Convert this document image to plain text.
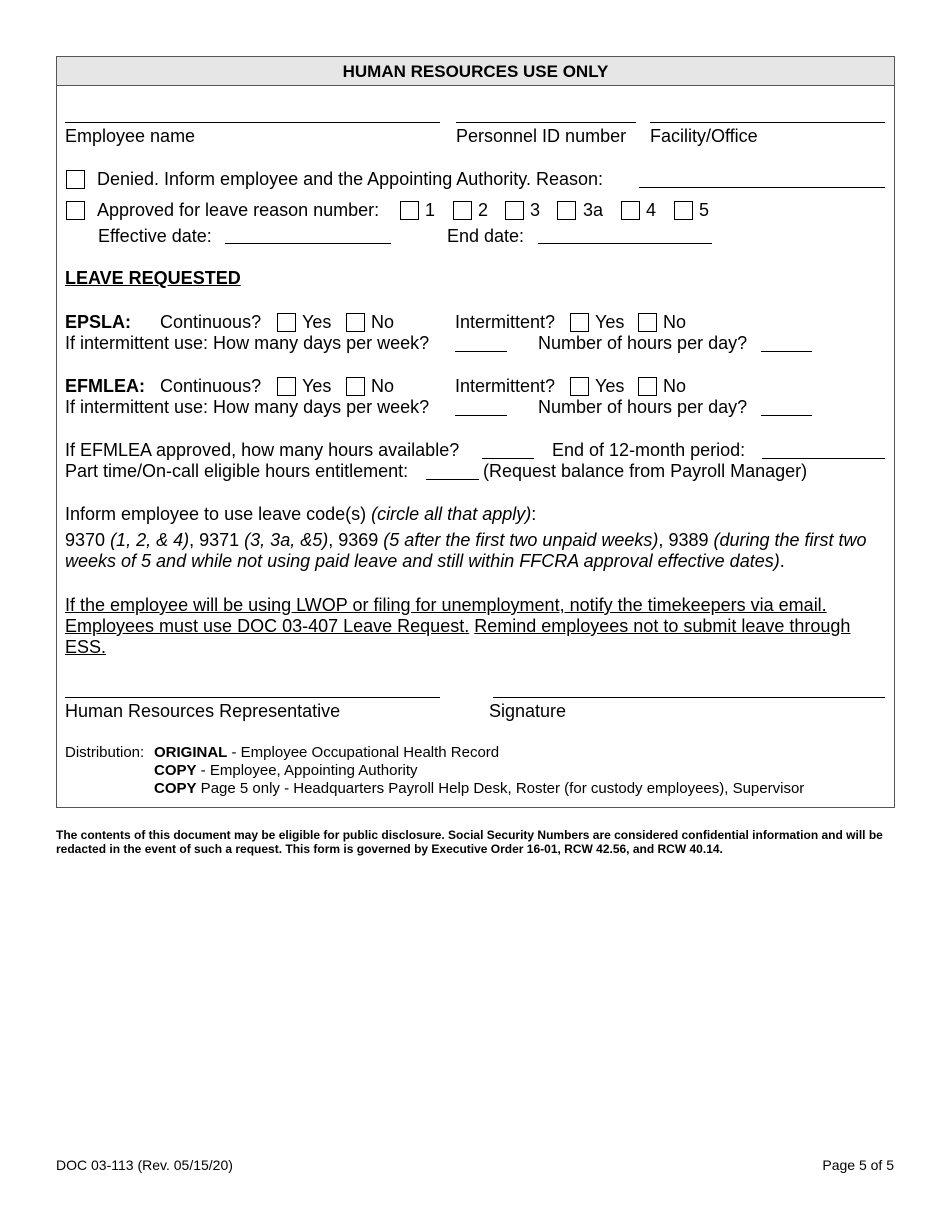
HUMAN RESOURCES USE ONLY
Employee name	Personnel ID number Facility/Office
Denied. Inform employee and the Appointing Authority. Reason:
Approved for leave reason number:	1 2 3 3a 4 5
Effective date:	End date:
LEAVE REQUESTED
EPSLA: Continuous? Yes No	Intermittent? Yes No
If intermittent use: How many days per week?	Number of hours per day?
EFMLEA: Continuous? Yes No	Intermittent? Yes No
If intermittent use: How many days per week?	Number of hours per day?
If EFMLEA approved, how many hours available?	End of 12-month period:
Part time/On-call eligible hours entitlement:	(Request balance from Payroll Manager)
Inform employee to use leave code(s) (circle all that apply):
9370 (1, 2, & 4), 9371 (3, 3a, &5), 9369 (5 after the first two unpaid weeks), 9389 (during the first two weeks of 5 and while not using paid leave and still within FFCRA approval effective dates).
If the employee will be using LWOP or filing for unemployment, notify the timekeepers via email. Employees must use DOC 03-407 Leave Request. Remind employees not to submit leave through ESS.
Human Resources Representative	Signature
Distribution: ORIGINAL - Employee Occupational Health Record
COPY - Employee, Appointing Authority
COPY Page 5 only - Headquarters Payroll Help Desk, Roster (for custody employees), Supervisor
The contents of this document may be eligible for public disclosure. Social Security Numbers are considered confidential information and will be redacted in the event of such a request. This form is governed by Executive Order 16-01, RCW 42.56, and RCW 40.14.
DOC 03-113 (Rev. 05/15/20)	Page 5 of 5
